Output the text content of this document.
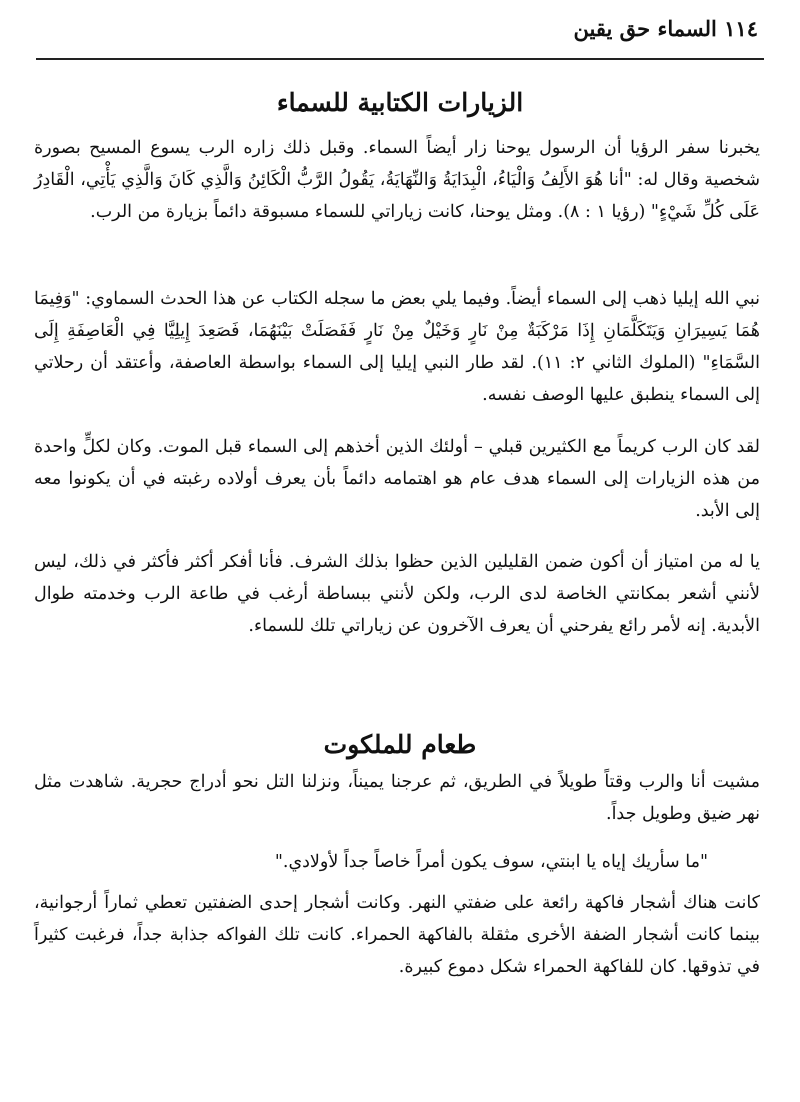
١١٤ السماء حق يقين
الزيارات الكتابية للسماء

يخبرنا سفر الرؤيا أن الرسول يوحنا زار أيضاً السماء. وقبل ذلك زاره الرب يسوع المسيح بصورة شخصية وقال له: "أنا هُوَ الأَلِفُ وَالْيَاءُ، الْبِدَايَةُ وَالنِّهَايَةُ، يَقُولُ الرَّبُّ الْكَائِنُ وَالَّذِي كَانَ وَالَّذِي يَأْتِي، الْقَادِرُ عَلَى كُلِّ شَيْءٍ" (رؤيا ١ : ٨). ومثل يوحنا، كانت زياراتي للسماء مسبوقة دائماً بزيارة من الرب.

نبي الله إيليا ذهب إلى السماء أيضاً. وفيما يلي بعض ما سجله الكتاب عن هذا الحدث السماوي: "وَفِيمَا هُمَا يَسِيرَانِ وَيَتَكَلَّمَانِ إِذَا مَرْكَبَةٌ مِنْ نَارٍ وَخَيْلٌ مِنْ نَارٍ فَفَصَلَتْ بَيْنَهُمَا، فَصَعِدَ إِيلِيَّا فِي الْعَاصِفَةِ إِلَى السَّمَاءِ" (الملوك الثاني ٢: ١١). لقد طار النبي إيليا إلى السماء بواسطة العاصفة، وأعتقد أن رحلاتي إلى السماء ينطبق عليها الوصف نفسه.

لقد كان الرب كريماً مع الكثيرين قبلي – أولئك الذين أخذهم إلى السماء قبل الموت. وكان لكلٍّ واحدة من هذه الزيارات إلى السماء هدف عام هو اهتمامه دائماً بأن يعرف أولاده رغبته في أن يكونوا معه إلى الأبد.

يا له من امتياز أن أكون ضمن القليلين الذين حظوا بذلك الشرف. فأنا أفكر أكثر فأكثر في ذلك، ليس لأنني أشعر بمكانتي الخاصة لدى الرب، ولكن لأنني ببساطة أرغب في طاعة الرب وخدمته طوال الأبدية. إنه لأمر رائع يفرحني أن يعرف الآخرون عن زياراتي تلك للسماء.

طعام للملكوت

مشيت أنا والرب وقتاً طويلاً في الطريق، ثم عرجنا يميناً، ونزلنا التل نحو أدراج حجرية. شاهدت مثل نهر ضيق وطويل جداً.

"ما سأريك إياه يا ابنتي، سوف يكون أمراً خاصاً جداً لأولادي."

كانت هناك أشجار فاكهة رائعة على ضفتي النهر. وكانت أشجار إحدى الضفتين تعطي ثماراً أرجوانية، بينما كانت أشجار الضفة الأخرى مثقلة بالفاكهة الحمراء. كانت تلك الفواكه جذابة جداً، فرغبت كثيراً في تذوقها. كان للفاكهة الحمراء شكل دموع كبيرة.
